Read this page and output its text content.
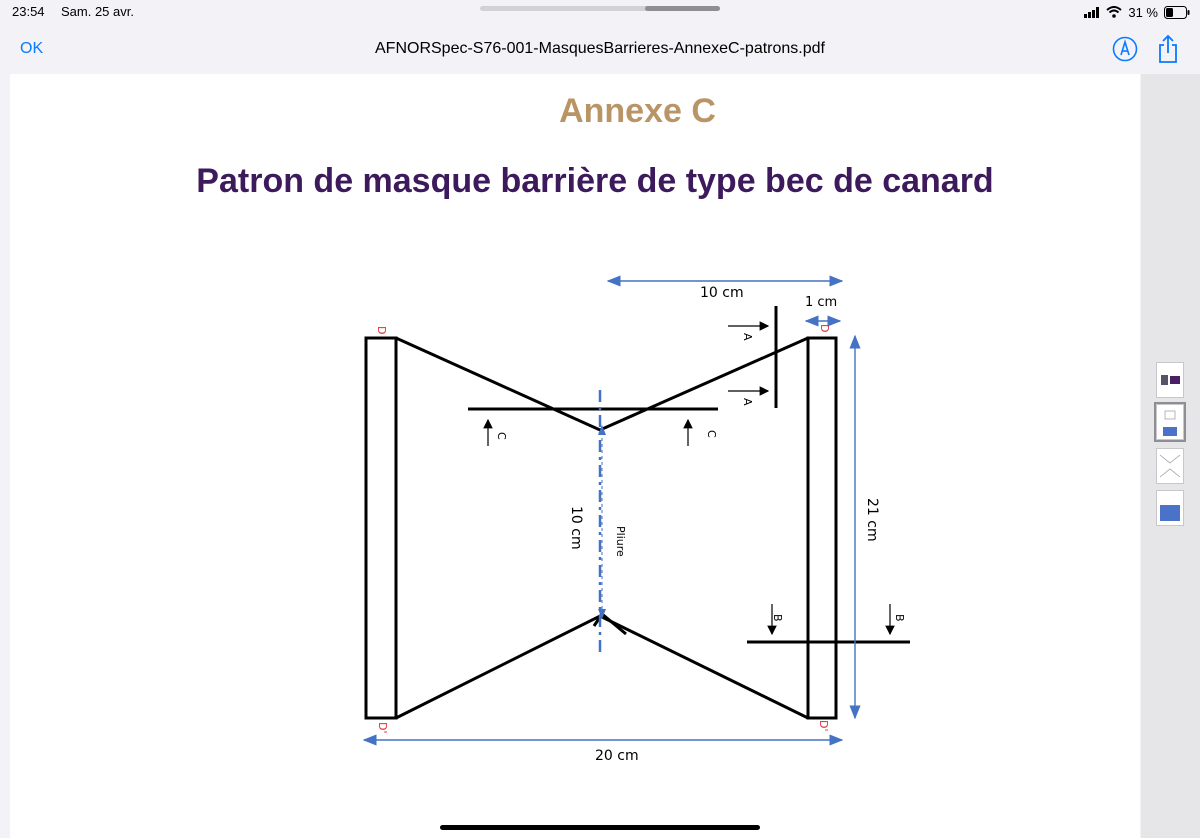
23:54 Sam. 25 avr.	31 %
OK	AFNORSpec-S76-001-MasquesBarrieres-AnnexeC-patrons.pdf
Annexe C
Patron de masque barrière de type bec de canard
C	C
A
A
B	B
10 cm	Pliure
10 cm
1 cm
21 cm
20 cm
D	D
D'	D'
